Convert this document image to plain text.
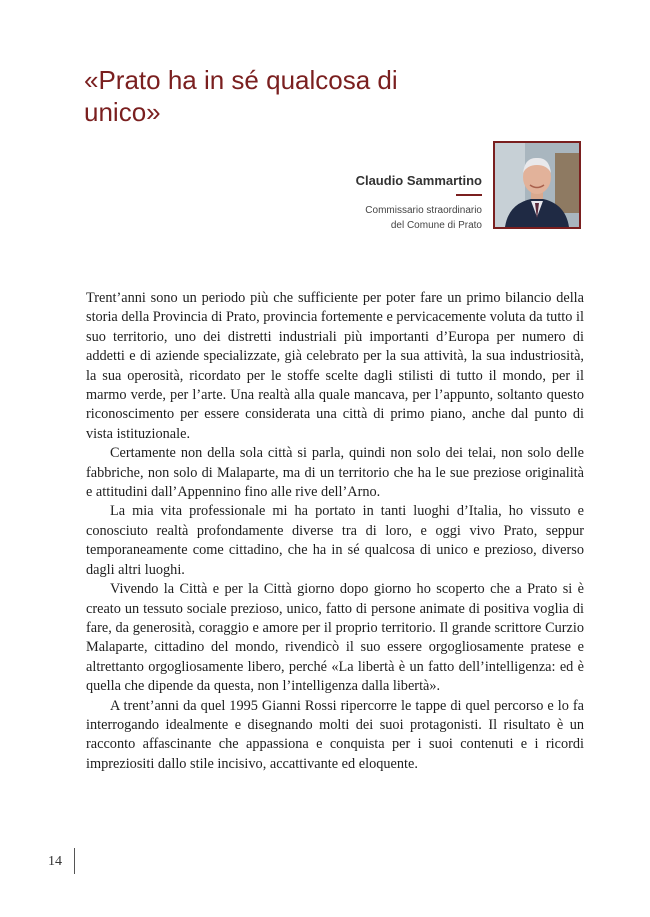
«Prato ha in sé qualcosa di unico»
Claudio Sammartino
Commissario straordinario
del Comune di Prato

Trent’anni sono un periodo più che sufficiente per poter fare un primo bilancio della storia della Provincia di Prato, provincia fortemente e pervicacemente voluta da tutto il suo territorio, uno dei distretti industriali più importanti d’Europa per numero di addetti e di aziende specializzate, già celebrato per la sua attività, la sua industriosità, la sua operosità, ricordato per le stoffe scelte dagli stilisti di tutto il mondo, per il marmo verde, per l’arte. Una realtà alla quale mancava, per l’appunto, soltanto questo riconoscimento per essere considerata una città di primo piano, anche dal punto di vista istituzionale.

Certamente non della sola città si parla, quindi non solo dei telai, non solo delle fabbriche, non solo di Malaparte, ma di un territorio che ha le sue preziose originalità e attitudini dall’Appennino fino alle rive dell’Arno.

La mia vita professionale mi ha portato in tanti luoghi d’Italia, ho vissuto e conosciuto realtà profondamente diverse tra di loro, e oggi vivo Prato, seppur temporaneamente come cittadino, che ha in sé qualcosa di unico e prezioso, diverso dagli altri luoghi.

Vivendo la Città e per la Città giorno dopo giorno ho scoperto che a Prato si è creato un tessuto sociale prezioso, unico, fatto di persone animate di positiva voglia di fare, da generosità, coraggio e amore per il proprio territorio. Il grande scrittore Curzio Malaparte, cittadino del mondo, rivendicò il suo essere orgogliosamente pratese e altrettanto orgogliosamente libero, perché «La libertà è un fatto dell’intelligenza: ed è quella che dipende da questa, non l’intelligenza dalla libertà».

A trent’anni da quel 1995 Gianni Rossi ripercorre le tappe di quel percorso e lo fa interrogando idealmente e disegnando molti dei suoi protagonisti. Il risultato è un racconto affascinante che appassiona e conquista per i suoi contenuti e i ricordi impreziositi dallo stile incisivo, accattivante ed eloquente.

14
